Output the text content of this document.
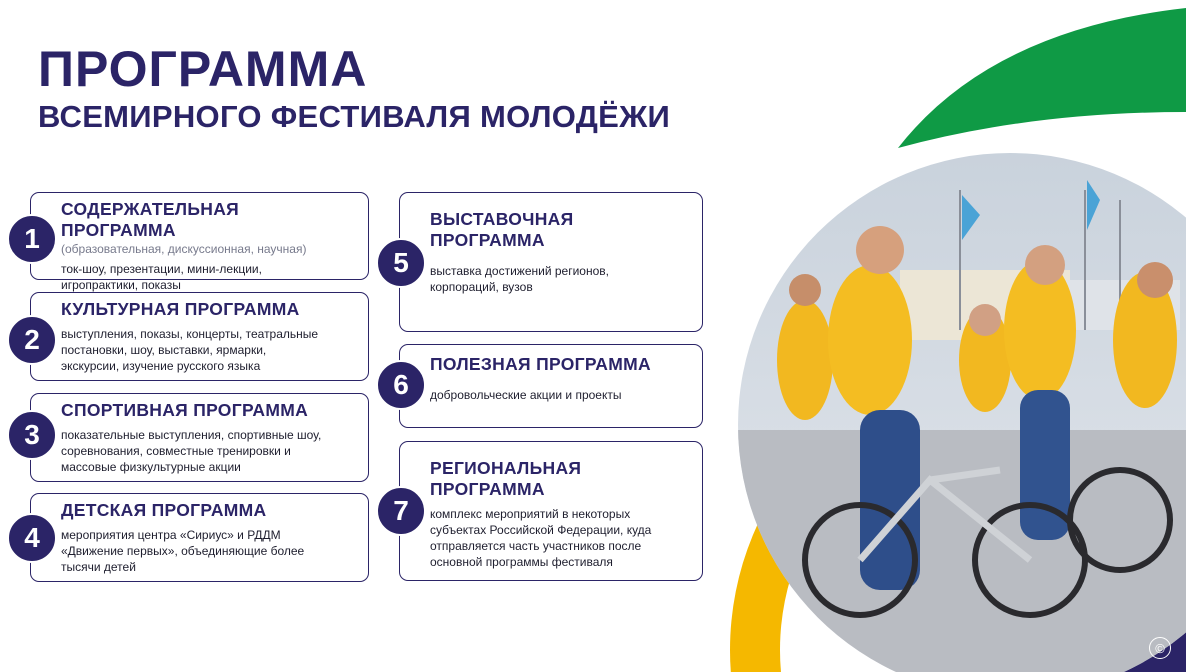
ПРОГРАММА
ВСЕМИРНОГО ФЕСТИВАЛЯ МОЛОДЁЖИ
СОДЕРЖАТЕЛЬНАЯ ПРОГРАММА
(образовательная, дискуссионная, научная)

ток-шоу, презентации, мини-лекции,
игропрактики, показы

1
КУЛЬТУРНАЯ ПРОГРАММА

выступления, показы, концерты, театральные
постановки, шоу, выставки, ярмарки,
экскурсии, изучение русского языка

2
СПОРТИВНАЯ ПРОГРАММА

показательные выступления, спортивные шоу,
соревнования, совместные тренировки и
массовые физкультурные акции

3
ДЕТСКАЯ ПРОГРАММА

мероприятия центра «Сириус» и РДДМ
«Движение первых», объединяющие более
тысячи детей

4
ВЫСТАВОЧНАЯ
ПРОГРАММА

выставка достижений регионов,
корпораций, вузов

5
ПОЛЕЗНАЯ ПРОГРАММА

добровольческие акции и проекты

6
РЕГИОНАЛЬНАЯ
ПРОГРАММА

комплекс мероприятий в некоторых
субъектах Российской Федерации, куда
отправляется часть участников после
основной программы фестиваля

7
©
